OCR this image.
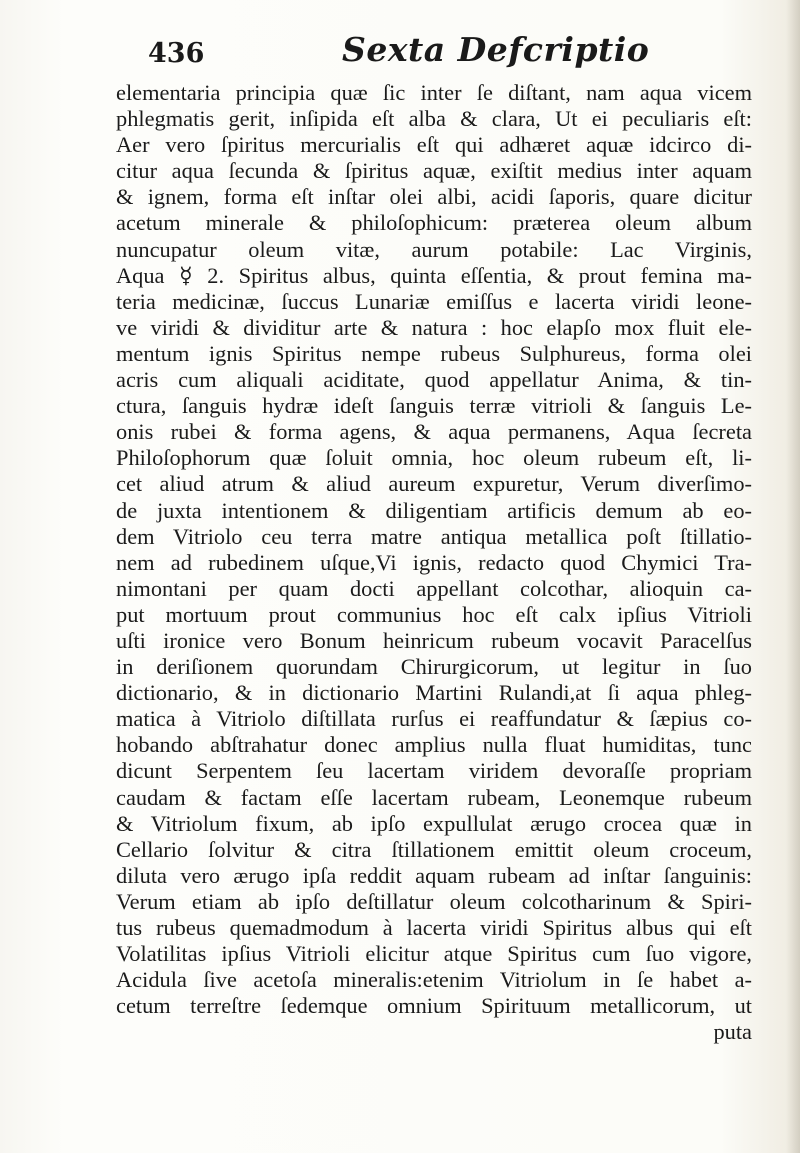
436	Sexta Defcriptio
elementaria principia quæ ſic inter ſe diſtant, nam aqua vicem
phlegmatis gerit, inſipida eſt alba & clara, Ut ei peculiaris eſt:
Aer vero ſpiritus mercurialis eſt qui adhæret aquæ idcirco di-
citur aqua ſecunda & ſpiritus aquæ, exiſtit medius inter aquam
& ignem, forma eſt inſtar olei albi, acidi ſaporis, quare dicitur
acetum minerale & philoſophicum: præterea oleum album
nuncupatur oleum vitæ, aurum potabile: Lac Virginis,
Aqua ☿ 2. Spiritus albus, quinta eſſentia, & prout femina ma-
teria medicinæ, ſuccus Lunariæ emiſſus e lacerta viridi leone-
ve viridi & dividitur arte & natura : hoc elapſo mox fluit ele-
mentum ignis Spiritus nempe rubeus Sulphureus, forma olei
acris cum aliquali aciditate, quod appellatur Anima, & tin-
ctura, ſanguis hydræ ideſt ſanguis terræ vitrioli & ſanguis Le-
onis rubei & forma agens, & aqua permanens, Aqua ſecreta
Philoſophorum quæ ſoluit omnia, hoc oleum rubeum eſt, li-
cet aliud atrum & aliud aureum expuretur, Verum diverſimo-
de juxta intentionem & diligentiam artificis demum ab eo-
dem Vitriolo ceu terra matre antiqua metallica poſt ſtillatio-
nem ad rubedinem uſque,Vi ignis, redacto quod Chymici Tra-
nimontani per quam docti appellant colcothar, alioquin ca-
put mortuum prout communius hoc eſt calx ipſius Vitrioli
uſti ironice vero Bonum heinricum rubeum vocavit Paracelſus
in deriſionem quorundam Chirurgicorum, ut legitur in ſuo
dictionario, & in dictionario Martini Rulandi,at ſi aqua phleg-
matica à Vitriolo diſtillata rurſus ei reaffundatur & ſæpius co-
hobando abſtrahatur donec amplius nulla fluat humiditas, tunc
dicunt Serpentem ſeu lacertam viridem devoraſſe propriam
caudam & factam eſſe lacertam rubeam, Leonemque rubeum
& Vitriolum fixum, ab ipſo expullulat ærugo crocea quæ in
Cellario ſolvitur & citra ſtillationem emittit oleum croceum,
diluta vero ærugo ipſa reddit aquam rubeam ad inſtar ſanguinis:
Verum etiam ab ipſo deſtillatur oleum colcotharinum & Spiri-
tus rubeus quemadmodum à lacerta viridi Spiritus albus qui eſt
Volatilitas ipſius Vitrioli elicitur atque Spiritus cum ſuo vigore,
Acidula ſive acetoſa mineralis:etenim Vitriolum in ſe habet a-
cetum terreſtre ſedemque omnium Spirituum metallicorum, ut
puta
